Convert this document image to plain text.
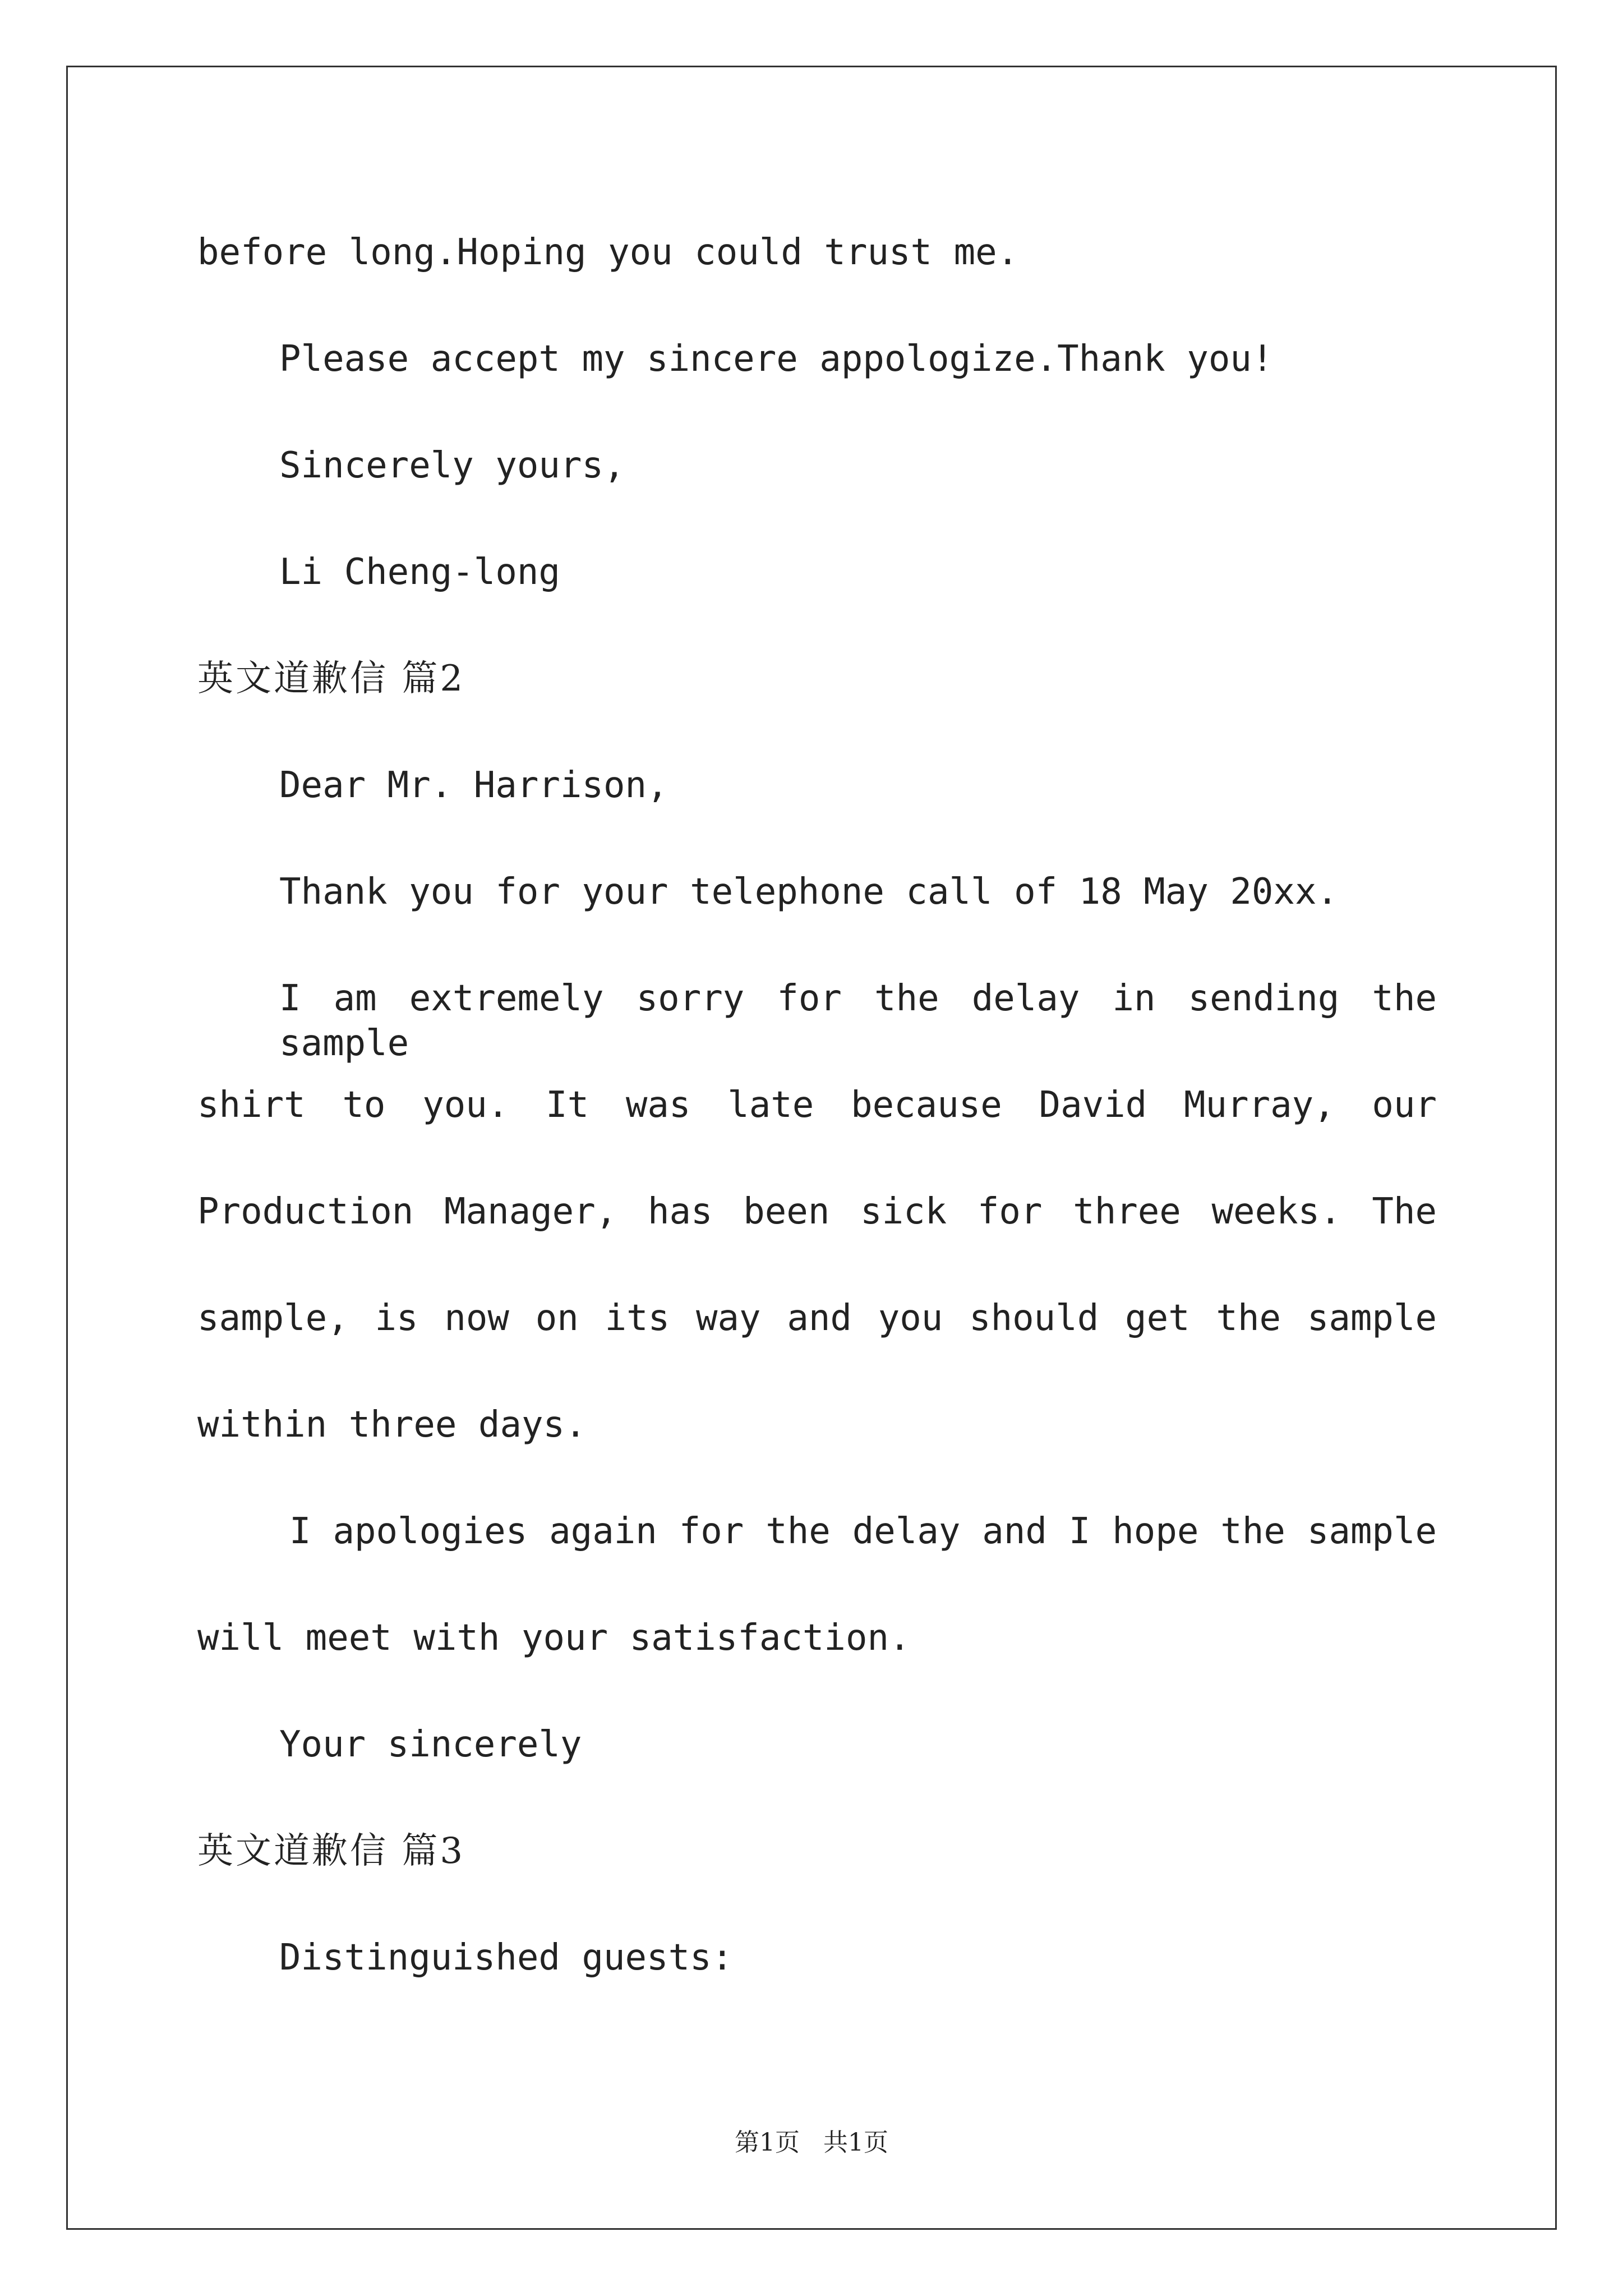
before long.Hoping you could trust me.
Please accept my sincere appologize.Thank you!
Sincerely yours,
Li Cheng-long
英文道歉信 篇2
Dear Mr. Harrison,
Thank you for your telephone call of 18 May 20xx.
I am extremely sorry for the delay in sending the sample
shirt to you. It was late because David Murray, our
Production Manager, has been sick for three weeks. The
sample, is now on its way and you should get the sample
within three days.
I apologies again for the delay and I hope the sample
will meet with your satisfaction.
Your sincerely
英文道歉信 篇3
Distinguished guests:
第1页   共1页
